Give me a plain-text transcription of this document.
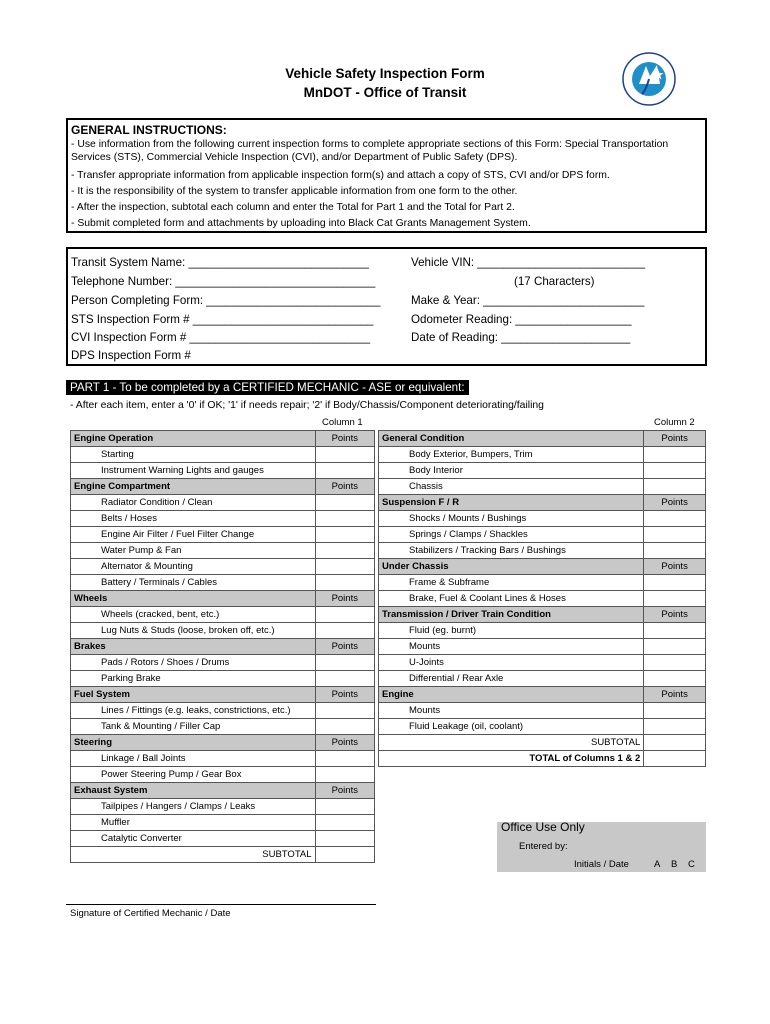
Vehicle Safety Inspection Form
MnDOT - Office of Transit
GENERAL INSTRUCTIONS:
- Use information from the following current inspection forms to complete appropriate sections of this Form: Special Transportation
Services (STS), Commercial Vehicle Inspection (CVI), and/or Department of Public Safety (DPS).
- Transfer appropriate information from applicable inspection form(s) and attach a copy of STS, CVI and/or DPS form.
- It is the responsibility of the system to transfer applicable information from one form to the other.
- After the inspection, subtotal each column and enter the Total for Part 1 and the Total for Part 2.
- Submit completed form and attachments by uploading into Black Cat Grants Management System.
Transit System Name: ____________________________
Telephone Number: _______________________________
Person Completing Form: ___________________________
STS Inspection Form # ____________________________
CVI Inspection Form # ____________________________
DPS Inspection Form #
Vehicle VIN: __________________________
(17 Characters)
Make & Year: _________________________
Odometer Reading: __________________
Date of Reading: ____________________
PART 1 - To be completed by a CERTIFIED MECHANIC - ASE or equivalent:
- After each item, enter a '0' if OK; '1' if needs repair; '2' if Body/Chassis/Component deteriorating/failing
Column 1	Column 2
Engine Operation	Points
Starting	
Instrument Warning Lights and gauges	
Engine Compartment	Points
Radiator Condition / Clean	
Belts / Hoses	
Engine Air Filter / Fuel Filter Change	
Water Pump & Fan	
Alternator & Mounting	
Battery / Terminals / Cables	
Wheels	Points
Wheels (cracked, bent, etc.)	
Lug Nuts & Studs (loose, broken off, etc.)	
Brakes	Points
Pads / Rotors / Shoes / Drums	
Parking Brake	
Fuel System	Points
Lines / Fittings (e.g. leaks, constrictions, etc.)	
Tank & Mounting / Filler Cap	
Steering	Points
Linkage / Ball Joints	
Power Steering Pump / Gear Box	
Exhaust System	Points
Tailpipes / Hangers / Clamps / Leaks	
Muffler	
Catalytic Converter	
SUBTOTAL	
General Condition	Points
Body Exterior, Bumpers, Trim	
Body Interior	
Chassis	
Suspension F / R	Points
Shocks / Mounts / Bushings	
Springs / Clamps / Shackles	
Stabilizers / Tracking Bars / Bushings	
Under Chassis	Points
Frame & Subframe	
Brake, Fuel & Coolant Lines & Hoses	
Transmission / Driver Train Condition	Points
Fluid (eg. burnt)	
Mounts	
U-Joints	
Differential / Rear Axle	
Engine	Points
Mounts	
Fluid Leakage (oil, coolant)	
SUBTOTAL	
TOTAL of Columns 1 & 2	
Office Use Only
Entered by:
Initials / Date	A B C
Signature of Certified Mechanic / Date
